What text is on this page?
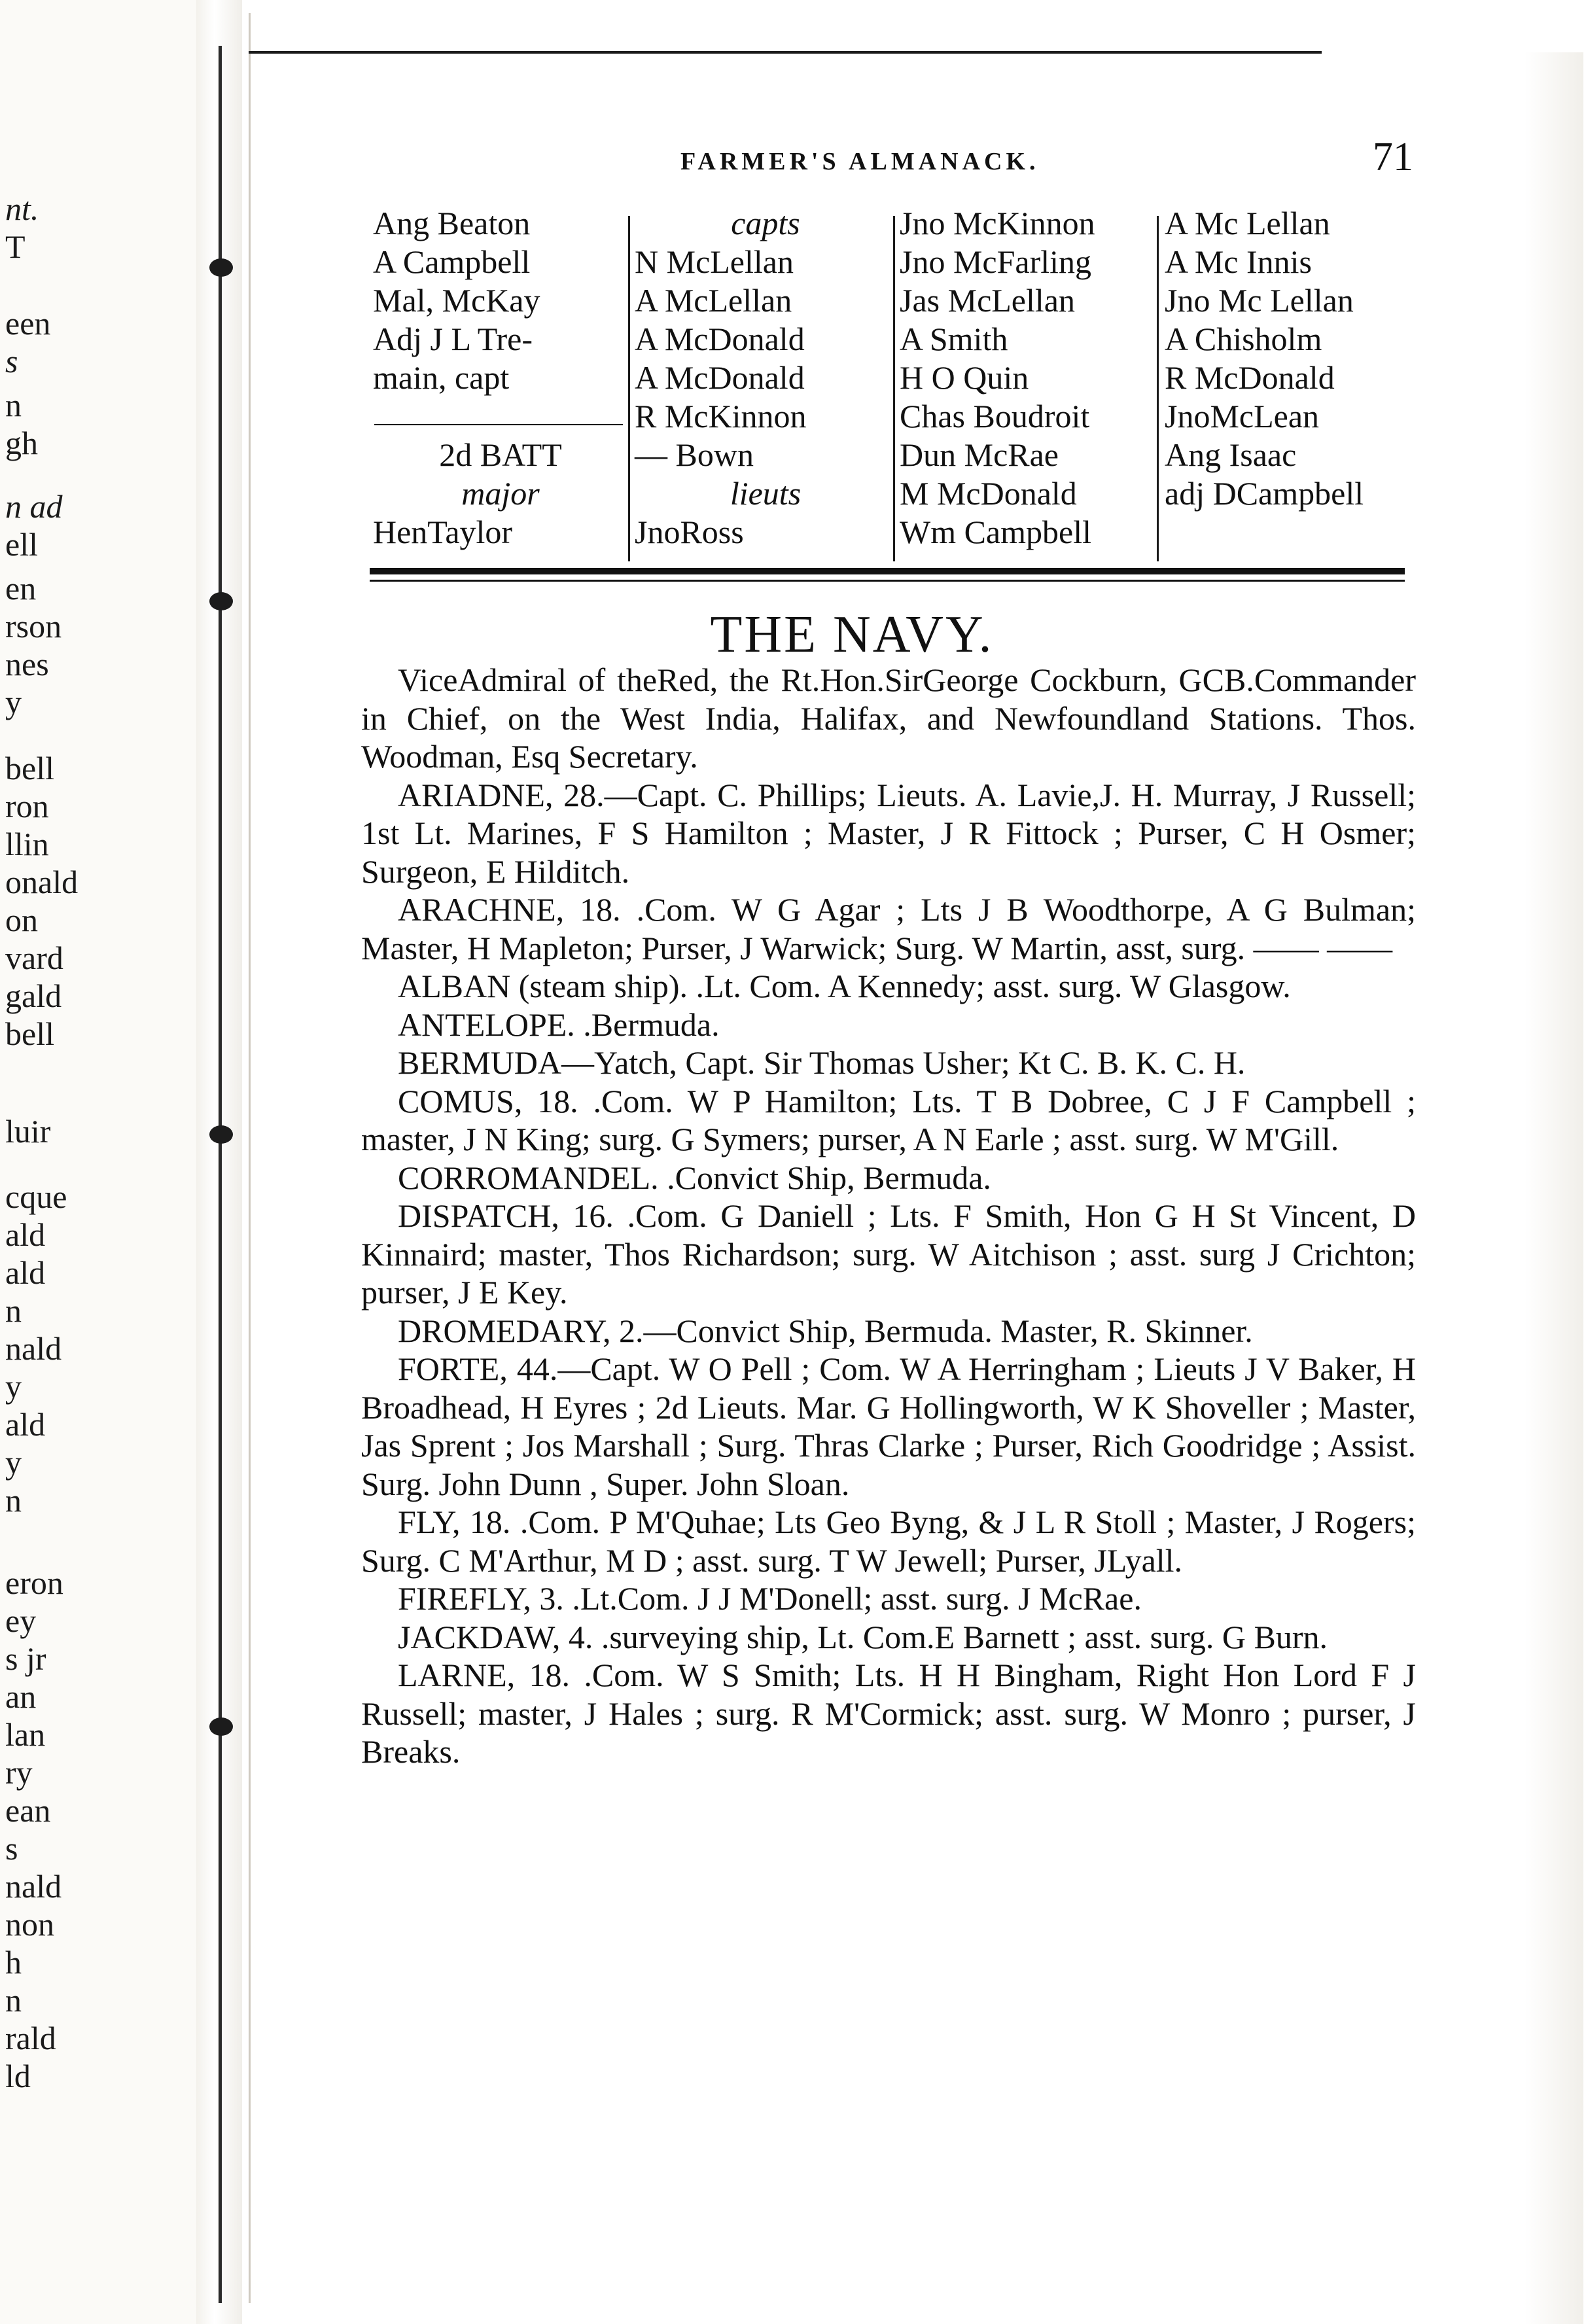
nt.
T
een
s
n
gh
n ad
ell
en
rson
nes
y
bell
ron
llin
onald
on
vard
gald
bell
luir
cque
ald
ald
n
nald
y
ald
y
n
eron
ey
s jr
an
lan
ry
ean
s
nald
non
h
n
rald
ld
FARMER'S ALMANACK.	71
Ang Beaton
A Campbell
Mal, McKay
Adj J L Tre-
main, capt
2d BATT
major
HenTaylor
capts
N McLellan
A McLellan
A McDonald
A McDonald
R McKinnon
— Bown
lieuts
JnoRoss
Jno McKinnon
Jno McFarling
Jas McLellan
A Smith
H O Quin
Chas Boudroit
Dun McRae
M McDonald
Wm Campbell
A Mc Lellan
A Mc Innis
Jno Mc Lellan
A Chisholm
R McDonald
JnoMcLean
Ang Isaac
adj DCampbell
THE NAVY.

ViceAdmiral of theRed, the Rt.Hon.SirGeorge Cockburn, GCB.Commander in Chief, on the West India, Halifax, and Newfoundland Stations. Thos. Woodman, Esq Secretary.

ARIADNE, 28.—Capt. C. Phillips; Lieuts. A. Lavie,J. H. Murray, J Russell; 1st Lt. Marines, F S Hamilton ; Master, J R Fittock ; Purser, C H Osmer; Surgeon, E Hilditch.

ARACHNE, 18. .Com. W G Agar ; Lts J B Woodthorpe, A G Bulman; Master, H Mapleton; Purser, J Warwick; Surg. W Martin, asst, surg. —— ——

ALBAN (steam ship). .Lt. Com. A Kennedy; asst. surg. W Glasgow.

ANTELOPE. .Bermuda.

BERMUDA—Yatch, Capt. Sir Thomas Usher; Kt C. B. K. C. H.

COMUS, 18. .Com. W P Hamilton; Lts. T B Dobree, C J F Campbell ; master, J N King; surg. G Symers; purser, A N Earle ; asst. surg. W M'Gill.

CORROMANDEL. .Convict Ship, Bermuda.

DISPATCH, 16. .Com. G Daniell ; Lts. F Smith, Hon G H St Vincent, D Kinnaird; master, Thos Richardson; surg. W Aitchison ; asst. surg J Crichton; purser, J E Key.

DROMEDARY, 2.—Convict Ship, Bermuda. Master, R. Skinner.

FORTE, 44.—Capt. W O Pell ; Com. W A Herringham ; Lieuts J V Baker, H Broadhead, H Eyres ; 2d Lieuts. Mar. G Hollingworth, W K Shoveller ; Master, Jas Sprent ; Jos Marshall ; Surg. Thras Clarke ; Purser, Rich Goodridge ; Assist. Surg. John Dunn , Super. John Sloan.

FLY, 18. .Com. P M'Quhae; Lts Geo Byng, & J L R Stoll ; Master, J Rogers; Surg. C M'Arthur, M D ; asst. surg. T W Jewell; Purser, JLyall.

FIREFLY, 3. .Lt.Com. J J M'Donell; asst. surg. J McRae.

JACKDAW, 4. .surveying ship, Lt. Com.E Barnett ; asst. surg. G Burn.

LARNE, 18. .Com. W S Smith; Lts. H H Bingham, Right Hon Lord F J Russell; master, J Hales ; surg. R M'Cormick; asst. surg. W Monro ; purser, J Breaks.
